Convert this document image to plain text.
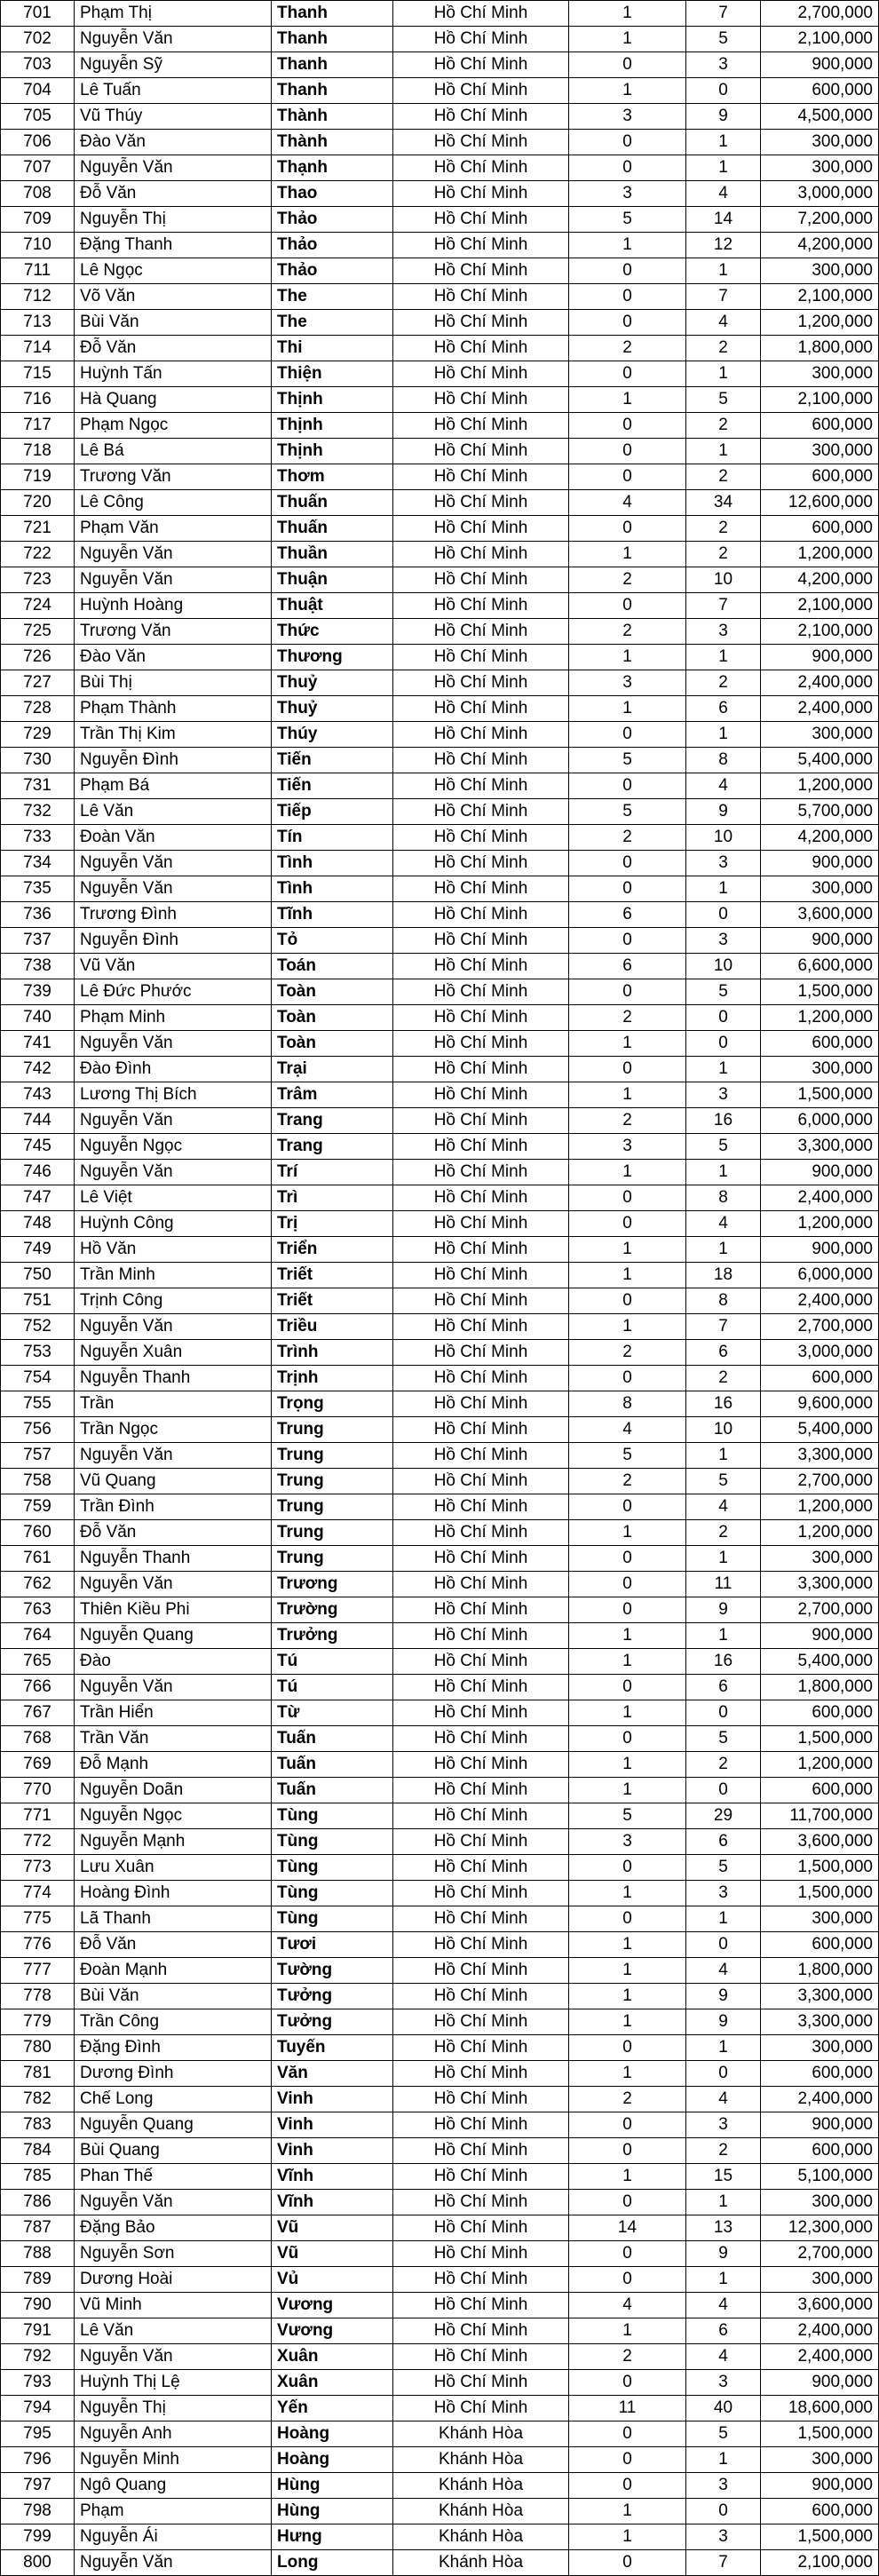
701	Phạm Thị	Thanh	Hồ Chí Minh	1	7	2,700,000
702	Nguyễn Văn	Thanh	Hồ Chí Minh	1	5	2,100,000
703	Nguyễn Sỹ	Thanh	Hồ Chí Minh	0	3	900,000
704	Lê Tuấn	Thanh	Hồ Chí Minh	1	0	600,000
705	Vũ Thúy	Thành	Hồ Chí Minh	3	9	4,500,000
706	Đào Văn	Thành	Hồ Chí Minh	0	1	300,000
707	Nguyễn Văn	Thạnh	Hồ Chí Minh	0	1	300,000
708	Đỗ Văn	Thao	Hồ Chí Minh	3	4	3,000,000
709	Nguyễn Thị	Thảo	Hồ Chí Minh	5	14	7,200,000
710	Đặng Thanh	Thảo	Hồ Chí Minh	1	12	4,200,000
711	Lê Ngọc	Thảo	Hồ Chí Minh	0	1	300,000
712	Võ Văn	The	Hồ Chí Minh	0	7	2,100,000
713	Bùi Văn	The	Hồ Chí Minh	0	4	1,200,000
714	Đỗ Văn	Thi	Hồ Chí Minh	2	2	1,800,000
715	Huỳnh Tấn	Thiện	Hồ Chí Minh	0	1	300,000
716	Hà Quang	Thịnh	Hồ Chí Minh	1	5	2,100,000
717	Phạm Ngọc	Thịnh	Hồ Chí Minh	0	2	600,000
718	Lê Bá	Thịnh	Hồ Chí Minh	0	1	300,000
719	Trương Văn	Thơm	Hồ Chí Minh	0	2	600,000
720	Lê Công	Thuấn	Hồ Chí Minh	4	34	12,600,000
721	Phạm Văn	Thuấn	Hồ Chí Minh	0	2	600,000
722	Nguyễn Văn	Thuần	Hồ Chí Minh	1	2	1,200,000
723	Nguyễn Văn	Thuận	Hồ Chí Minh	2	10	4,200,000
724	Huỳnh Hoàng	Thuật	Hồ Chí Minh	0	7	2,100,000
725	Trương Văn	Thức	Hồ Chí Minh	2	3	2,100,000
726	Đào Văn	Thương	Hồ Chí Minh	1	1	900,000
727	Bùi Thị	Thuỷ	Hồ Chí Minh	3	2	2,400,000
728	Phạm Thành	Thuỷ	Hồ Chí Minh	1	6	2,400,000
729	Trần Thị Kim	Thúy	Hồ Chí Minh	0	1	300,000
730	Nguyễn Đình	Tiến	Hồ Chí Minh	5	8	5,400,000
731	Phạm Bá	Tiến	Hồ Chí Minh	0	4	1,200,000
732	Lê Văn	Tiếp	Hồ Chí Minh	5	9	5,700,000
733	Đoàn Văn	Tín	Hồ Chí Minh	2	10	4,200,000
734	Nguyễn Văn	Tình	Hồ Chí Minh	0	3	900,000
735	Nguyễn Văn	Tình	Hồ Chí Minh	0	1	300,000
736	Trương Đình	Tĩnh	Hồ Chí Minh	6	0	3,600,000
737	Nguyễn Đình	Tỏ	Hồ Chí Minh	0	3	900,000
738	Vũ Văn	Toán	Hồ Chí Minh	6	10	6,600,000
739	Lê Đức Phước	Toàn	Hồ Chí Minh	0	5	1,500,000
740	Phạm Minh	Toàn	Hồ Chí Minh	2	0	1,200,000
741	Nguyễn Văn	Toàn	Hồ Chí Minh	1	0	600,000
742	Đào Đình	Trại	Hồ Chí Minh	0	1	300,000
743	Lương Thị Bích	Trâm	Hồ Chí Minh	1	3	1,500,000
744	Nguyễn Văn	Trang	Hồ Chí Minh	2	16	6,000,000
745	Nguyễn Ngọc	Trang	Hồ Chí Minh	3	5	3,300,000
746	Nguyễn Văn	Trí	Hồ Chí Minh	1	1	900,000
747	Lê Việt	Trì	Hồ Chí Minh	0	8	2,400,000
748	Huỳnh Công	Trị	Hồ Chí Minh	0	4	1,200,000
749	Hồ Văn	Triển	Hồ Chí Minh	1	1	900,000
750	Trần Minh	Triết	Hồ Chí Minh	1	18	6,000,000
751	Trịnh Công	Triết	Hồ Chí Minh	0	8	2,400,000
752	Nguyễn Văn	Triều	Hồ Chí Minh	1	7	2,700,000
753	Nguyễn Xuân	Trình	Hồ Chí Minh	2	6	3,000,000
754	Nguyễn Thanh	Trịnh	Hồ Chí Minh	0	2	600,000
755	Trần	Trọng	Hồ Chí Minh	8	16	9,600,000
756	Trần Ngọc	Trung	Hồ Chí Minh	4	10	5,400,000
757	Nguyễn Văn	Trung	Hồ Chí Minh	5	1	3,300,000
758	Vũ Quang	Trung	Hồ Chí Minh	2	5	2,700,000
759	Trần Đình	Trung	Hồ Chí Minh	0	4	1,200,000
760	Đỗ Văn	Trung	Hồ Chí Minh	1	2	1,200,000
761	Nguyễn Thanh	Trung	Hồ Chí Minh	0	1	300,000
762	Nguyễn Văn	Trương	Hồ Chí Minh	0	11	3,300,000
763	Thiên Kiều Phi	Trường	Hồ Chí Minh	0	9	2,700,000
764	Nguyễn Quang	Trưởng	Hồ Chí Minh	1	1	900,000
765	Đào	Tú	Hồ Chí Minh	1	16	5,400,000
766	Nguyễn Văn	Tú	Hồ Chí Minh	0	6	1,800,000
767	Trần Hiển	Từ	Hồ Chí Minh	1	0	600,000
768	Trần Văn	Tuấn	Hồ Chí Minh	0	5	1,500,000
769	Đỗ Mạnh	Tuấn	Hồ Chí Minh	1	2	1,200,000
770	Nguyễn Doãn	Tuấn	Hồ Chí Minh	1	0	600,000
771	Nguyễn Ngọc	Tùng	Hồ Chí Minh	5	29	11,700,000
772	Nguyễn Mạnh	Tùng	Hồ Chí Minh	3	6	3,600,000
773	Lưu Xuân	Tùng	Hồ Chí Minh	0	5	1,500,000
774	Hoàng Đình	Tùng	Hồ Chí Minh	1	3	1,500,000
775	Lã Thanh	Tùng	Hồ Chí Minh	0	1	300,000
776	Đỗ Văn	Tươi	Hồ Chí Minh	1	0	600,000
777	Đoàn Mạnh	Tường	Hồ Chí Minh	1	4	1,800,000
778	Bùi Văn	Tưởng	Hồ Chí Minh	1	9	3,300,000
779	Trần Công	Tưởng	Hồ Chí Minh	1	9	3,300,000
780	Đặng Đình	Tuyến	Hồ Chí Minh	0	1	300,000
781	Dương Đình	Văn	Hồ Chí Minh	1	0	600,000
782	Chế Long	Vinh	Hồ Chí Minh	2	4	2,400,000
783	Nguyễn Quang	Vinh	Hồ Chí Minh	0	3	900,000
784	Bùi Quang	Vinh	Hồ Chí Minh	0	2	600,000
785	Phan Thế	Vĩnh	Hồ Chí Minh	1	15	5,100,000
786	Nguyễn Văn	Vĩnh	Hồ Chí Minh	0	1	300,000
787	Đặng Bảo	Vũ	Hồ Chí Minh	14	13	12,300,000
788	Nguyễn Sơn	Vũ	Hồ Chí Minh	0	9	2,700,000
789	Dương Hoài	Vủ	Hồ Chí Minh	0	1	300,000
790	Vũ Minh	Vương	Hồ Chí Minh	4	4	3,600,000
791	Lê Văn	Vương	Hồ Chí Minh	1	6	2,400,000
792	Nguyễn Văn	Xuân	Hồ Chí Minh	2	4	2,400,000
793	Huỳnh Thị Lệ	Xuân	Hồ Chí Minh	0	3	900,000
794	Nguyễn Thị	Yến	Hồ Chí Minh	11	40	18,600,000
795	Nguyễn Anh	Hoàng	Khánh Hòa	0	5	1,500,000
796	Nguyễn Minh	Hoàng	Khánh Hòa	0	1	300,000
797	Ngô Quang	Hùng	Khánh Hòa	0	3	900,000
798	Phạm	Hùng	Khánh Hòa	1	0	600,000
799	Nguyễn Ái	Hưng	Khánh Hòa	1	3	1,500,000
800	Nguyễn Văn	Long	Khánh Hòa	0	7	2,100,000
